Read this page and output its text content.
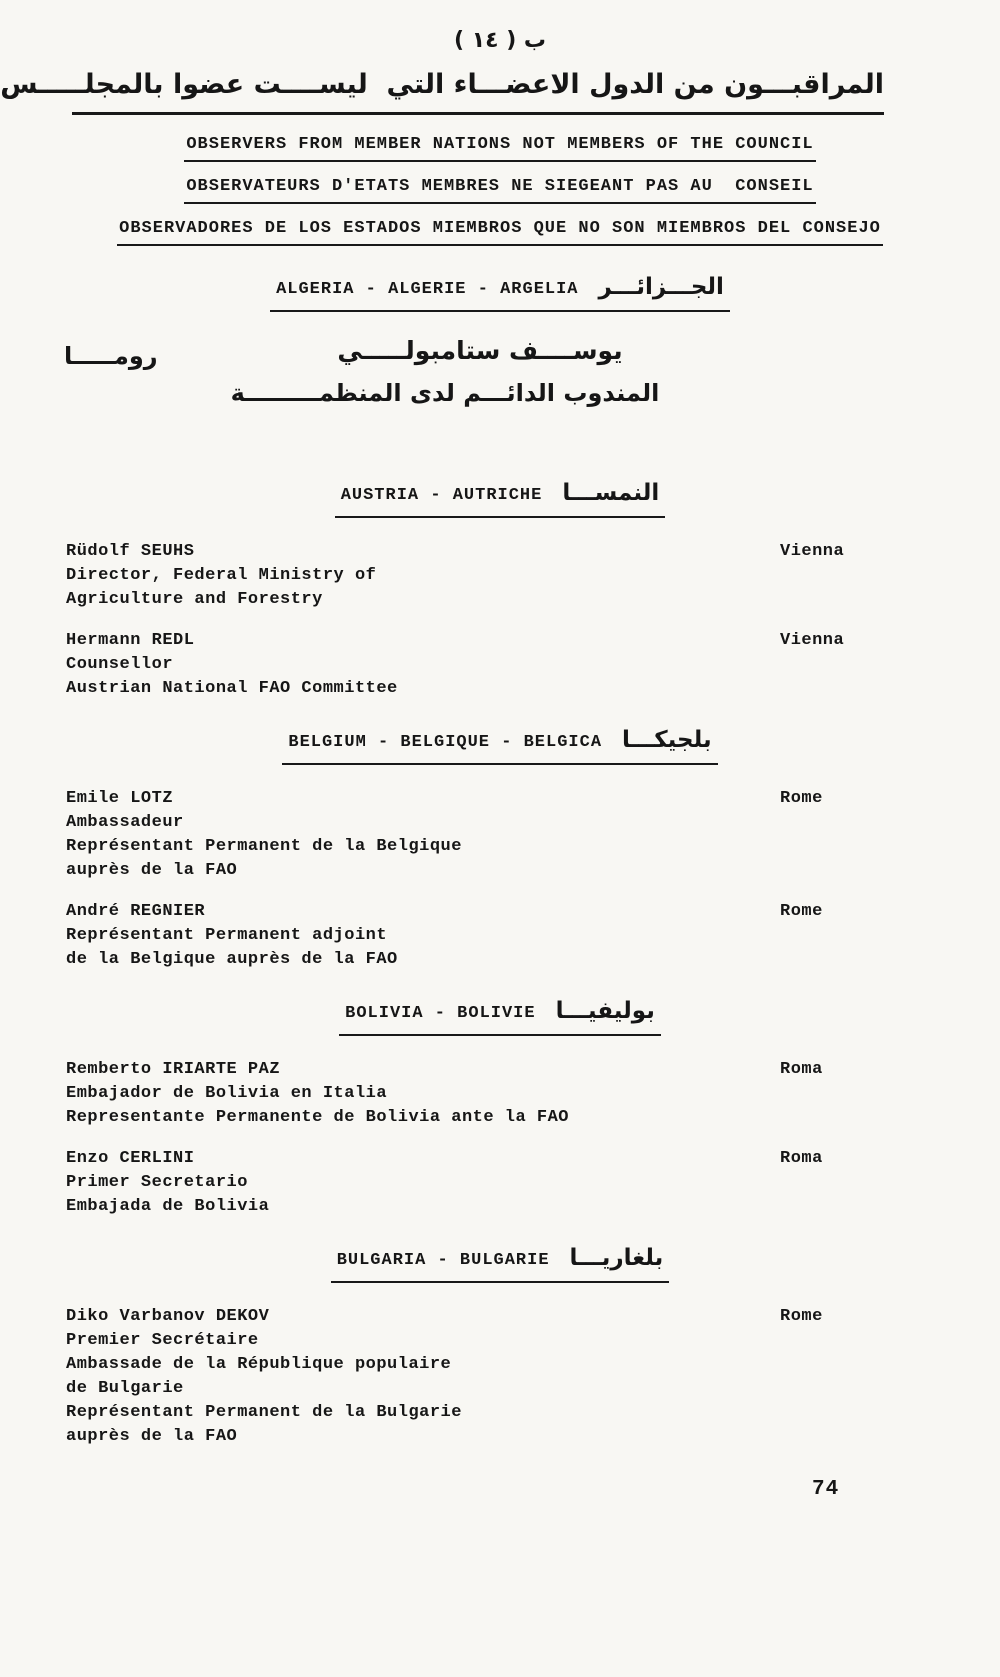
ب ( ١٤ )
المراقبـــون من الدول الاعضـــاء التي  ليســــت عضوا بالمجلـــــس
OBSERVERS FROM MEMBER NATIONS NOT MEMBERS OF THE COUNCIL
OBSERVATEURS D'ETATS MEMBRES NE SIEGEANT PAS AU  CONSEIL
OBSERVADORES DE LOS ESTADOS MIEMBROS QUE NO SON MIEMBROS DEL CONSEJO
ALGERIA - ALGERIE - ARGELIA الجـــزائـــر
رومـــــا	يوســــف ستامبولـــــي
المندوب الدائـــم لدى المنظمـــــــــة
AUSTRIA - AUTRICHE النمســـا
Rüdolf SEUHS
Director, Federal Ministry of
Agriculture and Forestry
Vienna
Hermann REDL
Counsellor
Austrian National FAO Committee
Vienna
BELGIUM - BELGIQUE - BELGICA بلجيكـــا
Emile LOTZ
Ambassadeur
Représentant Permanent de la Belgique
auprès de la FAO
Rome
André REGNIER
Représentant Permanent adjoint
de la Belgique auprès de la FAO
Rome
BOLIVIA - BOLIVIE بوليفيـــا
Remberto IRIARTE PAZ
Embajador de Bolivia en Italia
Representante Permanente de Bolivia ante la FAO
Roma
Enzo CERLINI
Primer Secretario
Embajada de Bolivia
Roma
BULGARIA - BULGARIE بلغاريـــا
Diko Varbanov DEKOV
Premier Secrétaire
Ambassade de la République populaire
de Bulgarie
Représentant Permanent de la Bulgarie
auprès de la FAO
Rome
74
